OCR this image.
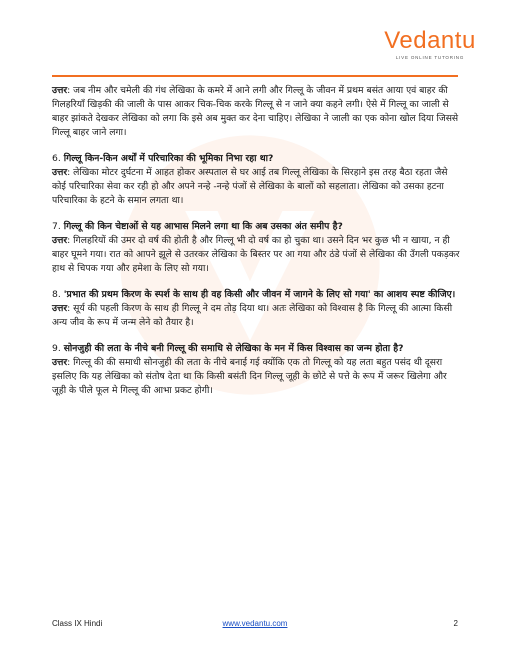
Vedantu
LIVE ONLINE TUTORING
उत्तर: जब नीम और चमेली की गंध लेखिका के कमरे में आने लगी और गिल्लू के जीवन में प्रथम बसंत आया एवं बाहर की गिलहरियाँ खिड़की की जाली के पास आकर चिक-चिक करके गिल्लू से न जाने क्या कहने लगी। ऐसे में गिल्लू का जाली से बाहर झांकते देखकर लेखिका को लगा कि इसे अब मुक्त कर देना चाहिए। लेखिका ने जाली का एक कोना खोल दिया जिससे गिल्लू बाहर जाने लगा।
6. गिल्लू किन-किन अर्थों में परिचारिका की भूमिका निभा रहा था?
उत्तर: लेखिका मोटर दुर्घटना में आहत होकर अस्पताल से घर आई तब गिल्लू लेखिका के सिरहाने इस तरह बैठा रहता जैसे कोई परिचारिका सेवा कर रही हो और अपने नन्हे -नन्हे पंजों से लेखिका के बालों को सहलाता। लेखिका को उसका हटना परिचारिका के हटने के समान लगता था।
7. गिल्लू की किन चेष्टाओं से यह आभास मिलने लगा था कि अब उसका अंत समीप है?
उत्तर: गिलहरियों की उमर दो वर्ष की होती है और गिल्लू भी दो वर्ष का हो चुका था। उसने दिन भर कुछ भी न खाया, न ही बाहर घूमने गया। रात को आपने झूले से उतरकर लेखिका के बिस्तर पर आ गया और ठंडे पंजों से लेखिका की उँगली पकड़कर हाथ से चिपक गया और हमेशा के लिए सो गया।
8. 'प्रभात की प्रथम किरण के स्पर्श के साथ ही वह किसी और जीवन में जागने के लिए सो गया' का आशय स्पष्ट कीजिए।
उत्तर: सूर्य की पहली किरण के साथ ही गिल्लू ने दम तोड़ दिया था। अतः लेखिका को विश्वास है कि गिल्लू की आत्मा किसी अन्य जीव के रूप में जन्म लेने को तैयार है।
9. सोनजुही की लता के नीचे बनी गिल्लू की समाधि से लेखिका के मन में किस विश्वास का जन्म होता है?
उत्तर: गिल्लू की की समाधी सोनजुही की लता के नीचे बनाई गई क्योंकि एक तो गिल्लू को यह लता बहुत पसंद थी दूसरा इसलिए कि यह लेखिका को संतोष देता था कि किसी बसंती दिन गिल्लू जूही के छोटे से पत्ते के रूप में जरूर खिलेगा और जूही के पीले फूल मे गिल्लू की आभा प्रकट होगी।
Class IX Hindi	www.vedantu.com	2
